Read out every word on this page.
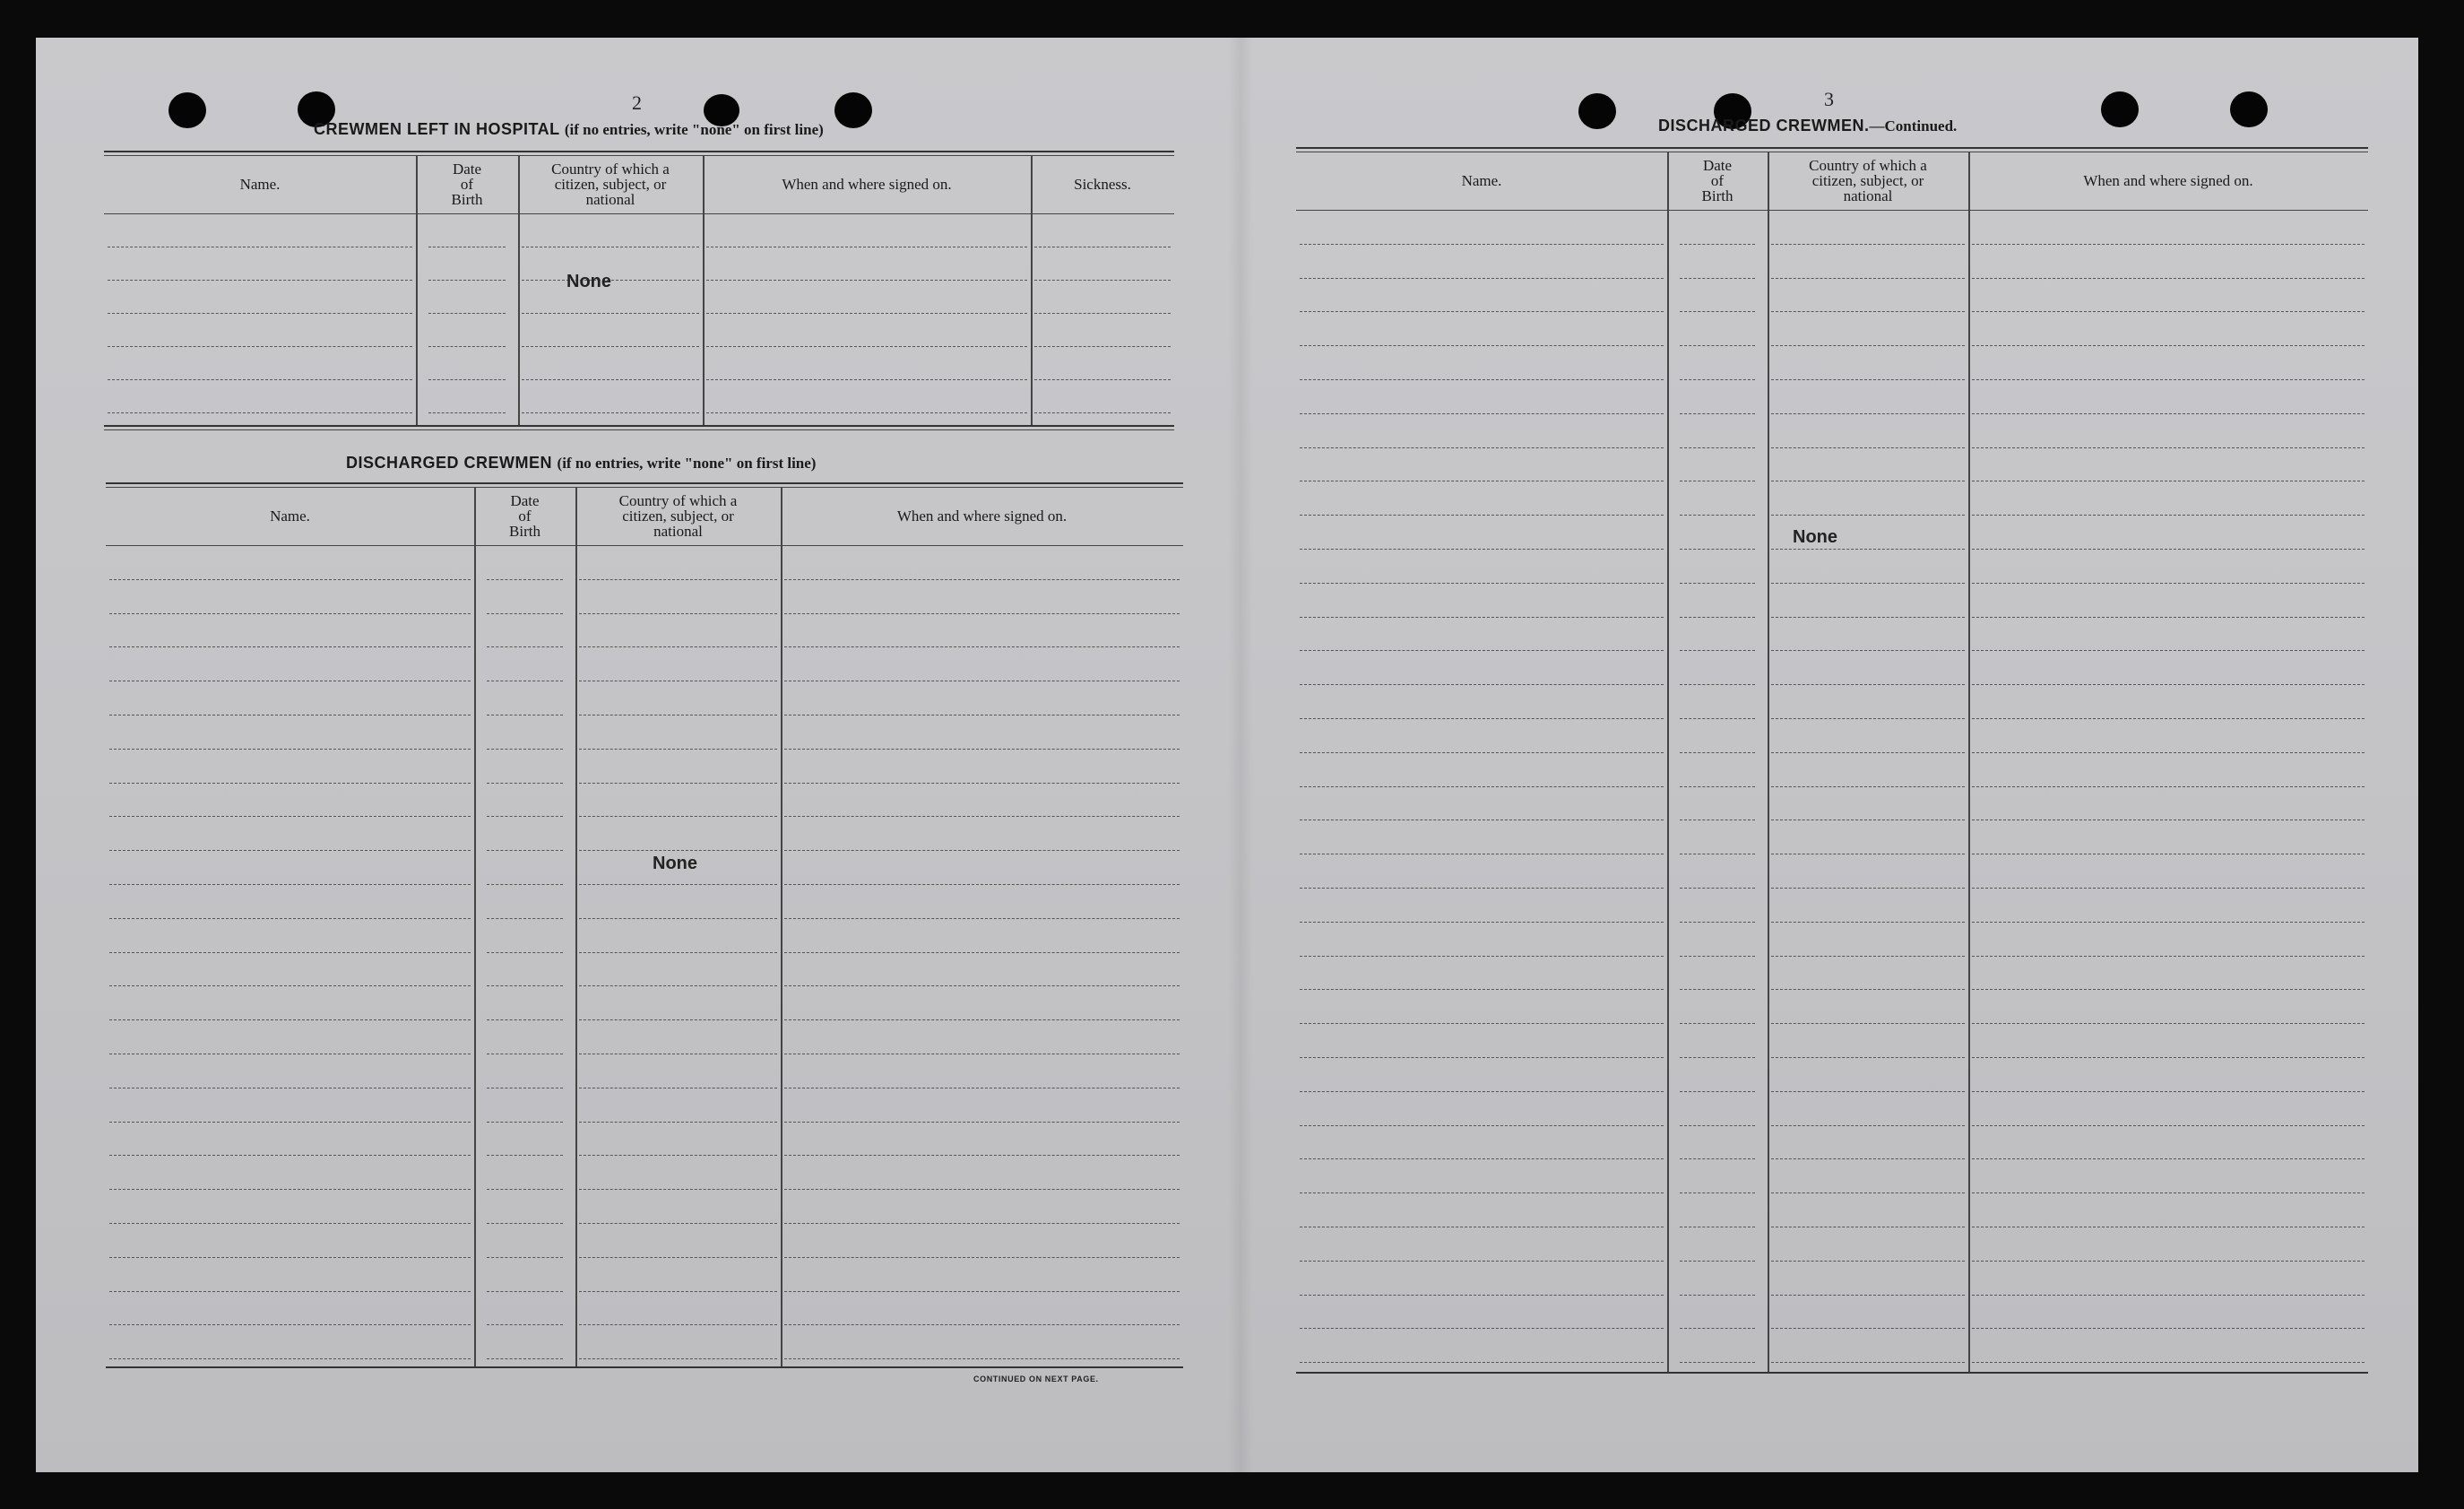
2
CREWMEN LEFT IN HOSPITAL (if no entries, write "none" on first line)
Name.
Date
of
Birth
Country of which a
citizen, subject, or
national
When and where signed on.	Sickness.
None
DISCHARGED CREWMEN (if no entries, write "none" on first line)
Name.
Date
of
Birth
Country of which a
citizen, subject, or
national
When and where signed on.
None
CONTINUED ON NEXT PAGE.
3
DISCHARGED CREWMEN.—Continued.
Name.
Date
of
Birth
Country of which a
citizen, subject, or
national
When and where signed on.
None
